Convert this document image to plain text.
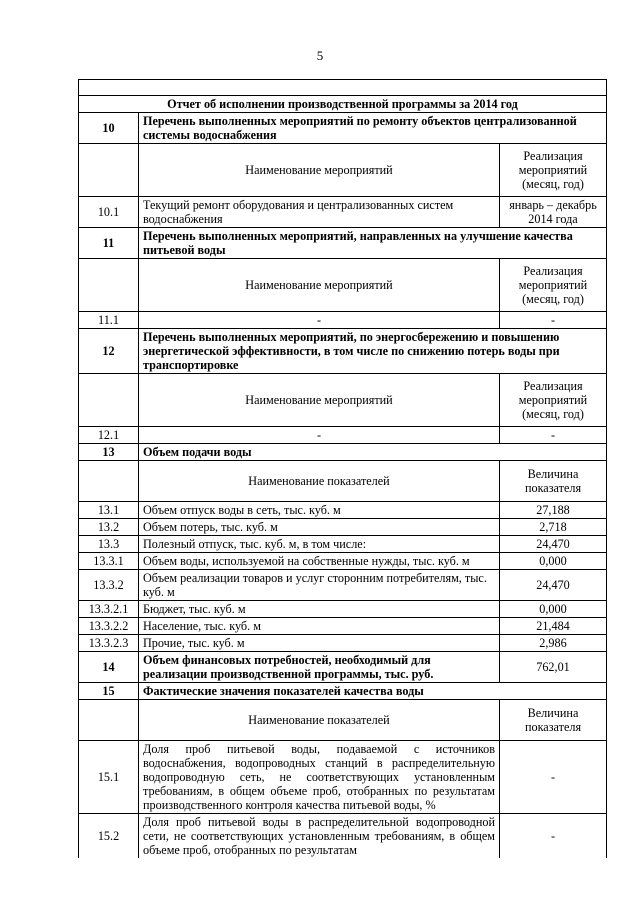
5

Отчет об исполнении производственной программы за 2014 год		
10	Перечень выполненных мероприятий по ремонту объектов централизованной системы водоснабжения	
	Наименование мероприятий	Реализация мероприятий (месяц, год)
10.1	Текущий ремонт оборудования и централизованных систем водоснабжения	январь – декабрь 2014 года
11	Перечень выполненных мероприятий, направленных на улучшение качества питьевой воды	
	Наименование мероприятий	Реализация мероприятий (месяц, год)
11.1	-	-
12	Перечень выполненных мероприятий, по энергосбережению и повышению энергетической эффективности, в том числе по снижению потерь воды при транспортировке	
	Наименование мероприятий	Реализация мероприятий (месяц, год)
12.1	-	-
13	Объем подачи воды	
	Наименование показателей	Величина показателя
13.1	Объем отпуск воды в сеть, тыс. куб. м	27,188
13.2	Объем потерь, тыс. куб. м	2,718
13.3	Полезный отпуск, тыс. куб. м, в том числе:	24,470
13.3.1	Объем воды, используемой на собственные нужды, тыс. куб. м	0,000
13.3.2	Объем реализации товаров и услуг сторонним потребителям, тыс. куб. м	24,470
13.3.2.1	Бюджет, тыс. куб. м	0,000
13.3.2.2	Население, тыс. куб. м	21,484
13.3.2.3	Прочие, тыс. куб. м	2,986
14	Объем финансовых потребностей, необходимый для реализации производственной программы, тыс. руб.	762,01
15	Фактические значения показателей качества воды	
	Наименование показателей	Величина показателя
15.1	Доля проб питьевой воды, подаваемой с источников водоснабжения, водопроводных станций в распределительную водопроводную сеть, не соответствующих установленным требованиям, в общем объеме проб, отобранных по результатам производственного контроля качества питьевой воды, %	-
15.2	Доля проб питьевой воды в распределительной водопроводной сети, не соответствующих установленным требованиям, в общем объеме проб, отобранных по результатам	-
